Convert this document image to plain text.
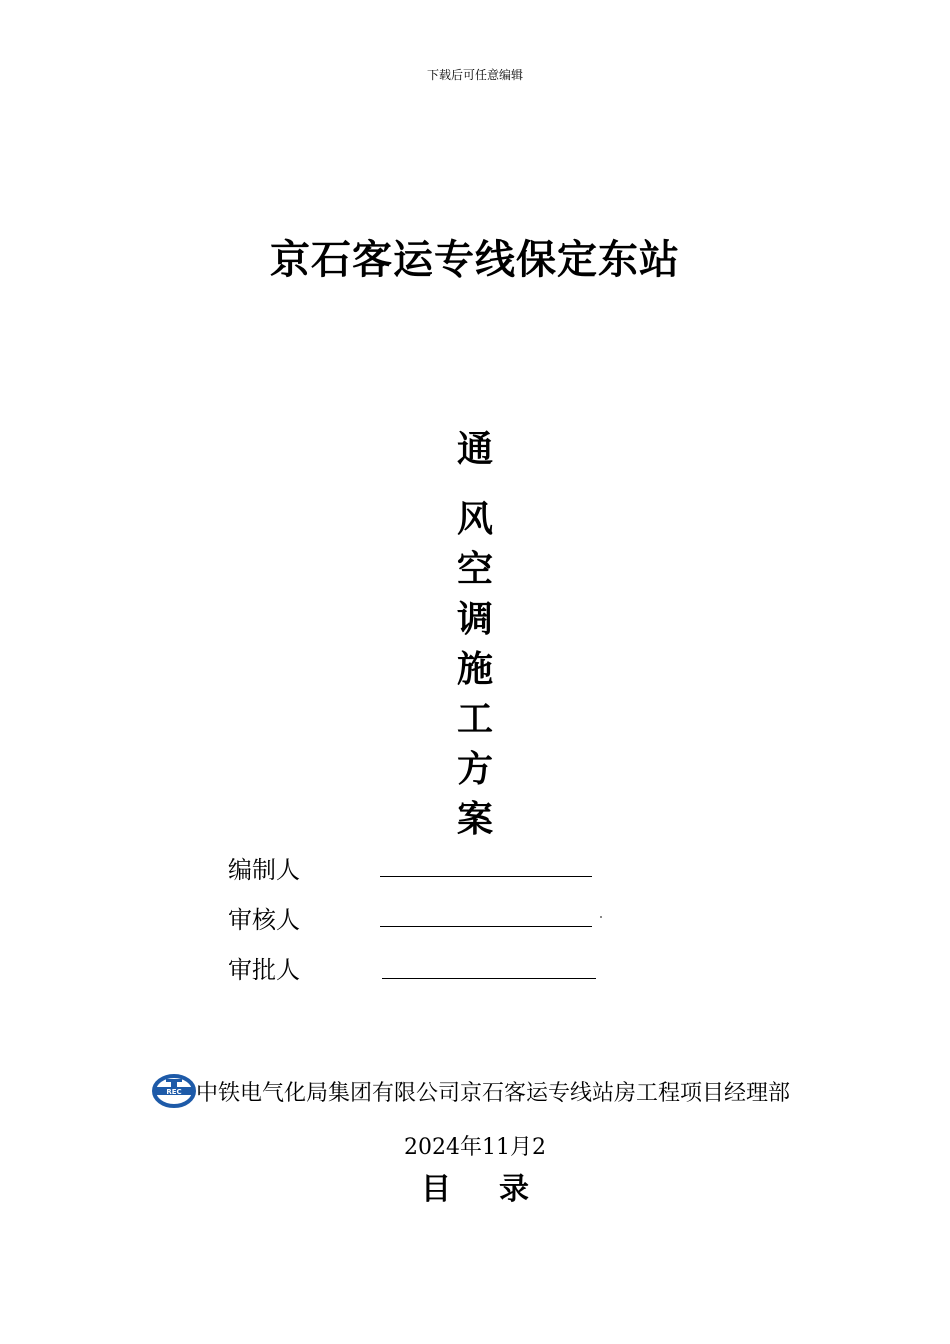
下载后可任意编辑
京石客运专线保定东站
通
风
空
调
施
工
方
案
编制人
审核人
审批人
REC 中铁电气化局集团有限公司京石客运专线站房工程项目经理部
2024年11月2
目录
